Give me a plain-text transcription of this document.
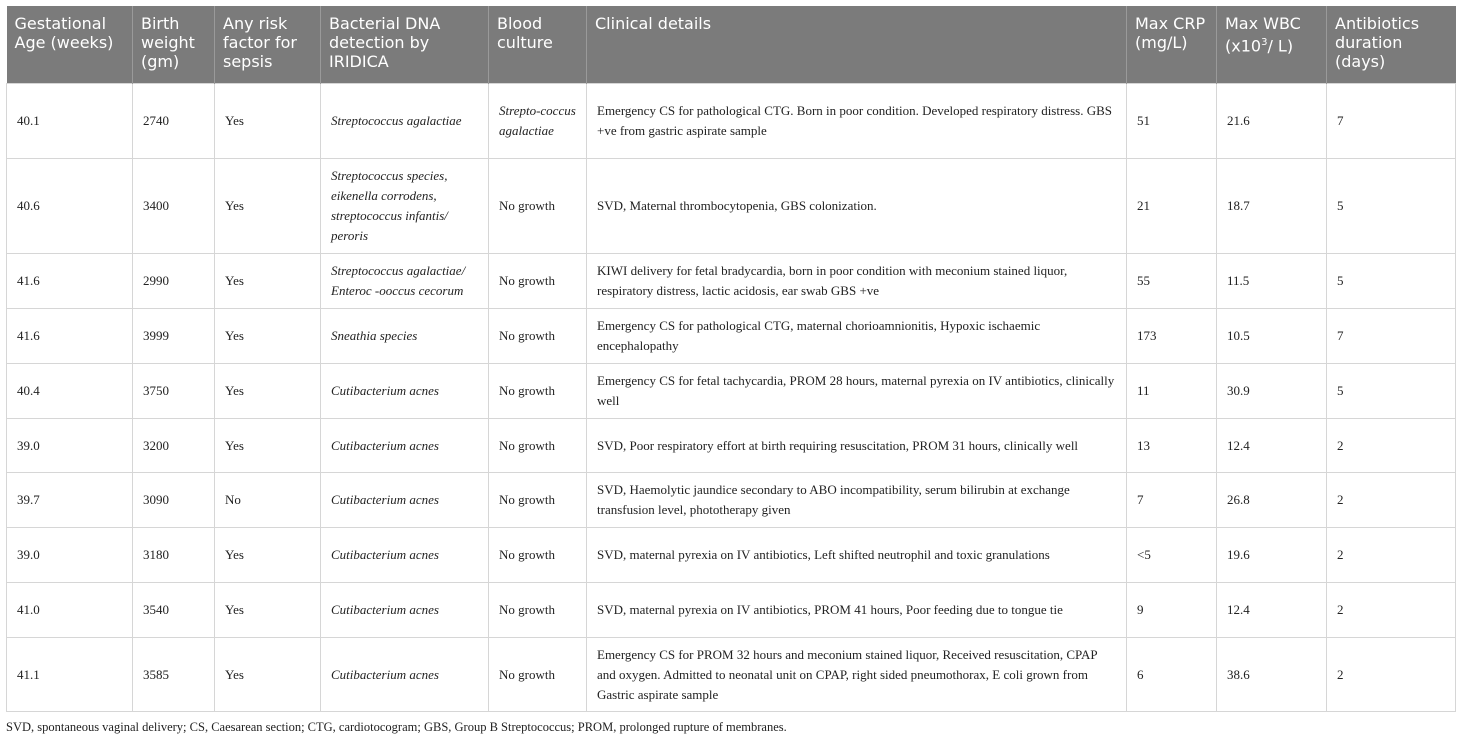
Gestational Age (weeks)	Birth weight (gm)	Any risk factor for sepsis	Bacterial DNA detection by IRIDICA	Blood culture	Clinical details	Max CRP (mg/L)	Max WBC ($x10^3/$ L)	Antibiotics duration (days)
40.1	2740	Yes	Streptococcus agalactiae	Strepto-coccus agalactiae	Emergency CS for pathological CTG. Born in poor condition. Developed respiratory distress. GBS +ve from gastric aspirate sample	51	21.6	7
40.6	3400	Yes	Streptococcus species, eikenella corrodens, streptococcus infantis/ peroris	No growth	SVD, Maternal thrombocytopenia, GBS colonization.	21	18.7	5
41.6	2990	Yes	Streptococcus agalactiae/ Enteroc -ooccus cecorum	No growth	KIWI delivery for fetal bradycardia, born in poor condition with meconium stained liquor, respiratory distress, lactic acidosis, ear swab GBS +ve	55	11.5	5
41.6	3999	Yes	Sneathia species	No growth	Emergency CS for pathological CTG, maternal chorioamnionitis, Hypoxic ischaemic encephalopathy	173	10.5	7
40.4	3750	Yes	Cutibacterium acnes	No growth	Emergency CS for fetal tachycardia, PROM 28 hours, maternal pyrexia on IV antibiotics, clinically well	11	30.9	5
39.0	3200	Yes	Cutibacterium acnes	No growth	SVD, Poor respiratory effort at birth requiring resuscitation, PROM 31 hours, clinically well	13	12.4	2
39.7	3090	No	Cutibacterium acnes	No growth	SVD, Haemolytic jaundice secondary to ABO incompatibility, serum bilirubin at exchange transfusion level, phototherapy given	7	26.8	2
39.0	3180	Yes	Cutibacterium acnes	No growth	SVD, maternal pyrexia on IV antibiotics, Left shifted neutrophil and toxic granulations	<5	19.6	2
41.0	3540	Yes	Cutibacterium acnes	No growth	SVD, maternal pyrexia on IV antibiotics, PROM 41 hours, Poor feeding due to tongue tie	9	12.4	2
41.1	3585	Yes	Cutibacterium acnes	No growth	Emergency CS for PROM 32 hours and meconium stained liquor, Received resuscitation, CPAP and oxygen. Admitted to neonatal unit on CPAP, right sided pneumothorax, E coli grown from Gastric aspirate sample	6	38.6	2
SVD, spontaneous vaginal delivery; CS, Caesarean section; CTG, cardiotocogram; GBS, Group B Streptococcus; PROM, prolonged rupture of membranes.
